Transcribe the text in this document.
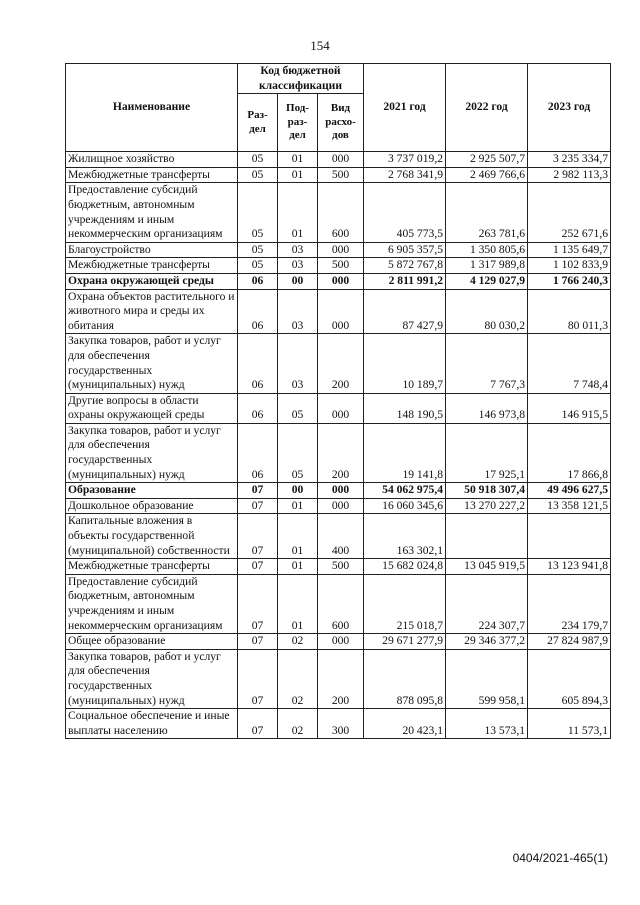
154
Наименование	Код бюджетной классификации			2021 год	2022 год	2023 год
	Раз-дел	Под-раз-дел	Вид расхо-дов			
Жилищное хозяйство	05	01	000	3 737 019,2	2 925 507,7	3 235 334,7
Межбюджетные трансферты	05	01	500	2 768 341,9	2 469 766,6	2 982 113,3
Предоставление субсидий бюджетным, автономным учреждениям и иным некоммерческим организациям	05	01	600	405 773,5	263 781,6	252 671,6
Благоустройство	05	03	000	6 905 357,5	1 350 805,6	1 135 649,7
Межбюджетные трансферты	05	03	500	5 872 767,8	1 317 989,8	1 102 833,9
Охрана окружающей среды	06	00	000	2 811 991,2	4 129 027,9	1 766 240,3
Охрана объектов растительного и животного мира и среды их обитания	06	03	000	87 427,9	80 030,2	80 011,3
Закупка товаров, работ и услуг для обеспечения государственных (муниципальных) нужд	06	03	200	10 189,7	7 767,3	7 748,4
Другие вопросы в области охраны окружающей среды	06	05	000	148 190,5	146 973,8	146 915,5
Закупка товаров, работ и услуг для обеспечения государственных (муниципальных) нужд	06	05	200	19 141,8	17 925,1	17 866,8
Образование	07	00	000	54 062 975,4	50 918 307,4	49 496 627,5
Дошкольное образование	07	01	000	16 060 345,6	13 270 227,2	13 358 121,5
Капитальные вложения в объекты государственной (муниципальной) собственности	07	01	400	163 302,1		
Межбюджетные трансферты	07	01	500	15 682 024,8	13 045 919,5	13 123 941,8
Предоставление субсидий бюджетным, автономным учреждениям и иным некоммерческим организациям	07	01	600	215 018,7	224 307,7	234 179,7
Общее образование	07	02	000	29 671 277,9	29 346 377,2	27 824 987,9
Закупка товаров, работ и услуг для обеспечения государственных (муниципальных) нужд	07	02	200	878 095,8	599 958,1	605 894,3
Социальное обеспечение и иные выплаты населению	07	02	300	20 423,1	13 573,1	11 573,1
0404/2021-465(1)
